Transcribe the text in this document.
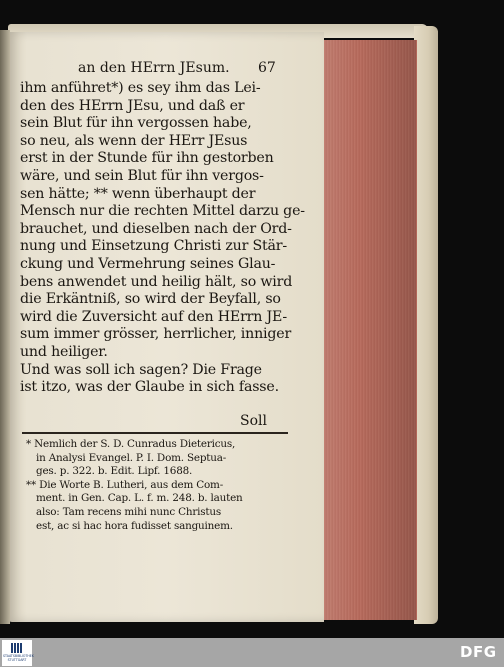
an den HErrn JEsum. 67
ihm anführet*) es sey ihm das Lei-
den des HErrn JEsu, und daß er
sein Blut für ihn vergossen habe,
so neu, als wenn der HErr JEsus
erst in der Stunde für ihn gestorben
wäre, und sein Blut für ihn vergos-
sen hätte; ** wenn überhaupt der
Mensch nur die rechten Mittel darzu ge-
brauchet, und dieselben nach der Ord-
nung und Einsetzung Christi zur Stär-
ckung und Vermehrung seines Glau-
bens anwendet und heilig hält, so wird
die Erkäntniß, so wird der Beyfall, so
wird die Zuversicht auf den HErrn JE-
sum immer grösser, herrlicher, inniger
und heiliger.
Und was soll ich sagen? Die Frage
ist itzo, was der Glaube in sich fasse.
Soll
* Nemlich der S. D. Cunradus Dietericus,
in Analysi Evangel. P. I. Dom. Septua-
ges. p. 322. b. Edit. Lipf. 1688.
** Die Worte B. Lutheri, aus dem Com-
ment. in Gen. Cap. L. f. m. 248. b. lauten
also: Tam recens mihi nunc Christus
est, ac si hac hora fudisset sanguinem.
STAATSBIBLIOTHEK STUTTGART	DFG
